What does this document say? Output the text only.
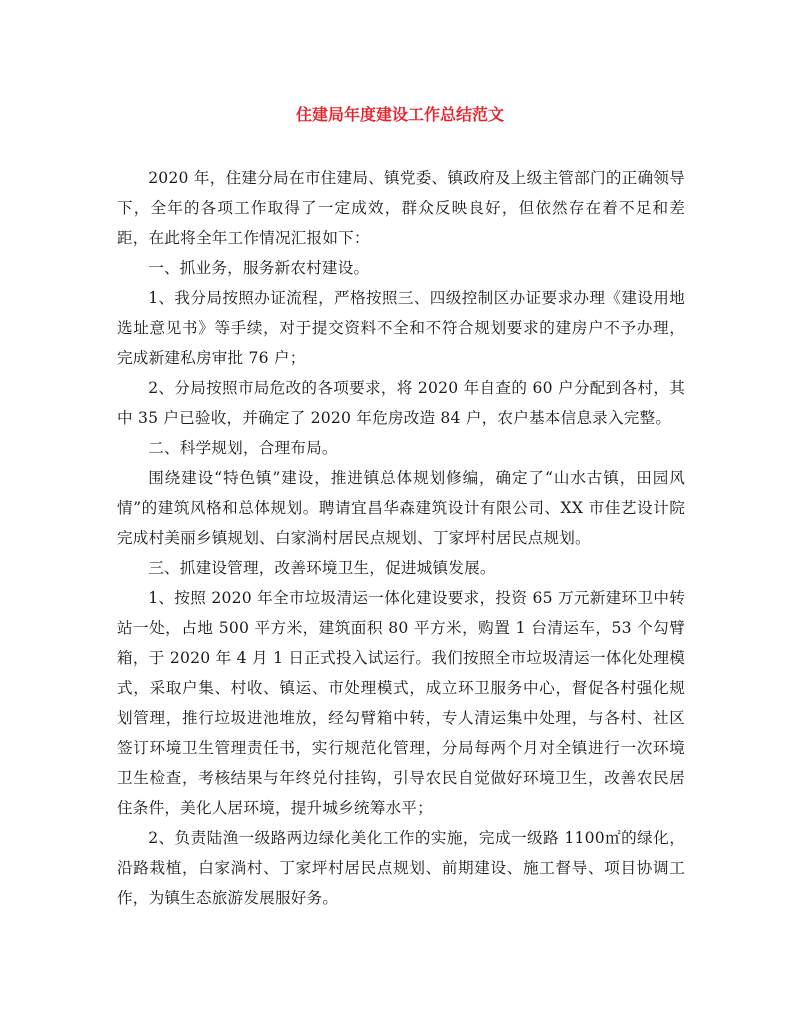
住建局年度建设工作总结范文

2020 年，住建分局在市住建局、镇党委、镇政府及上级主管部门的正确领导下，全年的各项工作取得了一定成效，群众反映良好，但依然存在着不足和差距，在此将全年工作情况汇报如下：

一、抓业务，服务新农村建设。

1、我分局按照办证流程，严格按照三、四级控制区办证要求办理《建设用地选址意见书》等手续，对于提交资料不全和不符合规划要求的建房户不予办理，完成新建私房审批 76 户；

2、分局按照市局危改的各项要求，将 2020 年自查的 60 户分配到各村，其中 35 户已验收，并确定了 2020 年危房改造 84 户，农户基本信息录入完整。

二、科学规划，合理布局。

围绕建设“特色镇”建设，推进镇总体规划修编，确定了“山水古镇，田园风情”的建筑风格和总体规划。聘请宜昌华森建筑设计有限公司、XX 市佳艺设计院完成村美丽乡镇规划、白家淌村居民点规划、丁家坪村居民点规划。

三、抓建设管理，改善环境卫生，促进城镇发展。

1、按照 2020 年全市垃圾清运一体化建设要求，投资 65 万元新建环卫中转站一处，占地 500 平方米，建筑面积 80 平方米，购置 1 台清运车，53 个勾臂箱，于 2020 年 4 月 1 日正式投入试运行。我们按照全市垃圾清运一体化处理模式，采取户集、村收、镇运、市处理模式，成立环卫服务中心，督促各村强化规划管理，推行垃圾进池堆放，经勾臂箱中转，专人清运集中处理，与各村、社区签订环境卫生管理责任书，实行规范化管理，分局每两个月对全镇进行一次环境卫生检查，考核结果与年终兑付挂钩，引导农民自觉做好环境卫生，改善农民居住条件，美化人居环境，提升城乡统筹水平；

2、负责陆渔一级路两边绿化美化工作的实施，完成一级路 1100㎡的绿化，沿路栽植，白家淌村、丁家坪村居民点规划、前期建设、施工督导、项目协调工作，为镇生态旅游发展服好务。
